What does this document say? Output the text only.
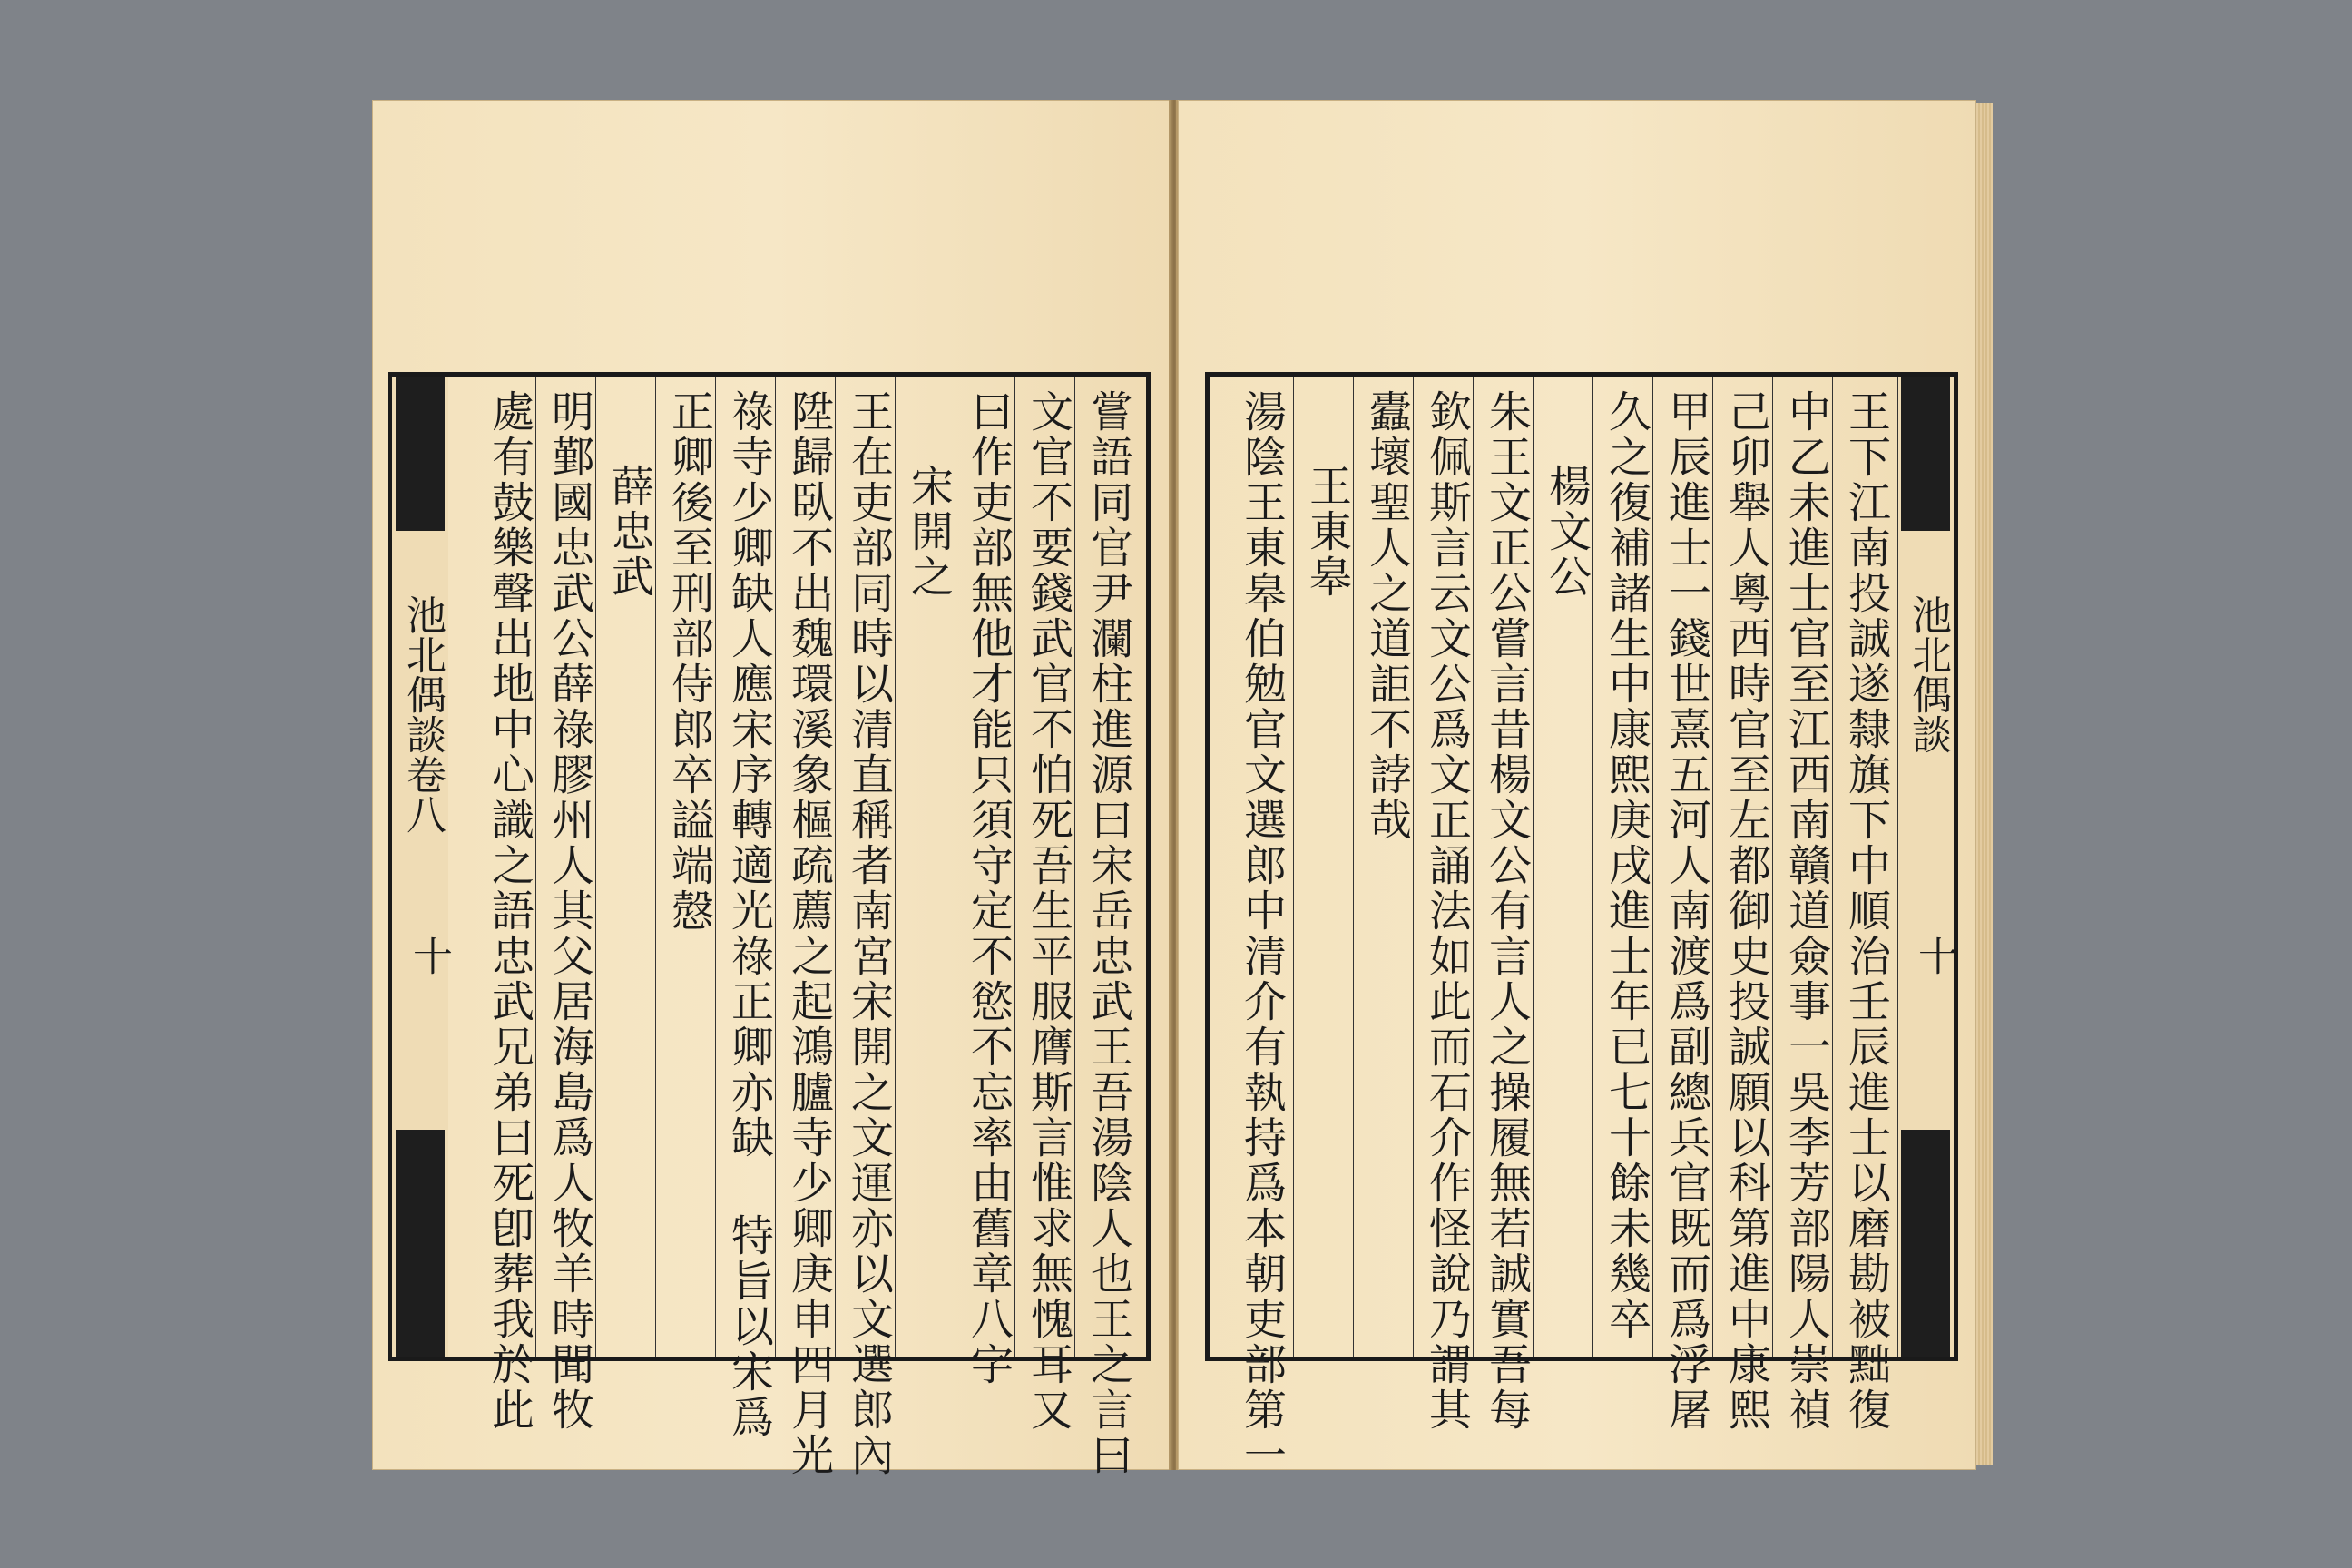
嘗語同官尹瀾柱進源曰宋岳忠武王吾湯陰人也王之言曰
文官不要錢武官不怕死吾生平服膺斯言惟求無愧耳又
曰作吏部無他才能只須守定不慾不忘率由舊章八字
宋開之
王在吏部同時以清直稱者南宮宋開之文運亦以文選郎內
陞歸臥不出魏環溪象樞疏薦之起鴻臚寺少卿庚申四月光
祿寺少卿缺人應宋序轉適光祿正卿亦缺 特旨以宋爲
正卿後至刑部侍郎卒謚端慤
薛忠武
明鄞國忠武公薛祿膠州人其父居海島爲人牧羊時聞牧
處有鼓樂聲出地中心識之語忠武兄弟曰死卽葬我於此
池北偶談卷八
十
池北偶談
十
王下江南投誠遂隸旗下中順治壬辰進士以磨勘被黜復
中乙未進士官至江西南贛道僉事一吳李芳部陽人崇禎
己卯舉人粵西時官至左都御史投誠願以科第進中康熙
甲辰進士一錢世熹五河人南渡爲副總兵官既而爲浮屠
久之復補諸生中康熙庚戌進士年已七十餘未幾卒
楊文公
朱王文正公嘗言昔楊文公有言人之操履無若誠實吾每
欽佩斯言云文公爲文正誦法如此而石介作怪說乃謂其
蠹壞聖人之道詎不誖哉
王東皋
湯陰王東皋伯勉官文選郎中清介有執持爲本朝吏部第一
